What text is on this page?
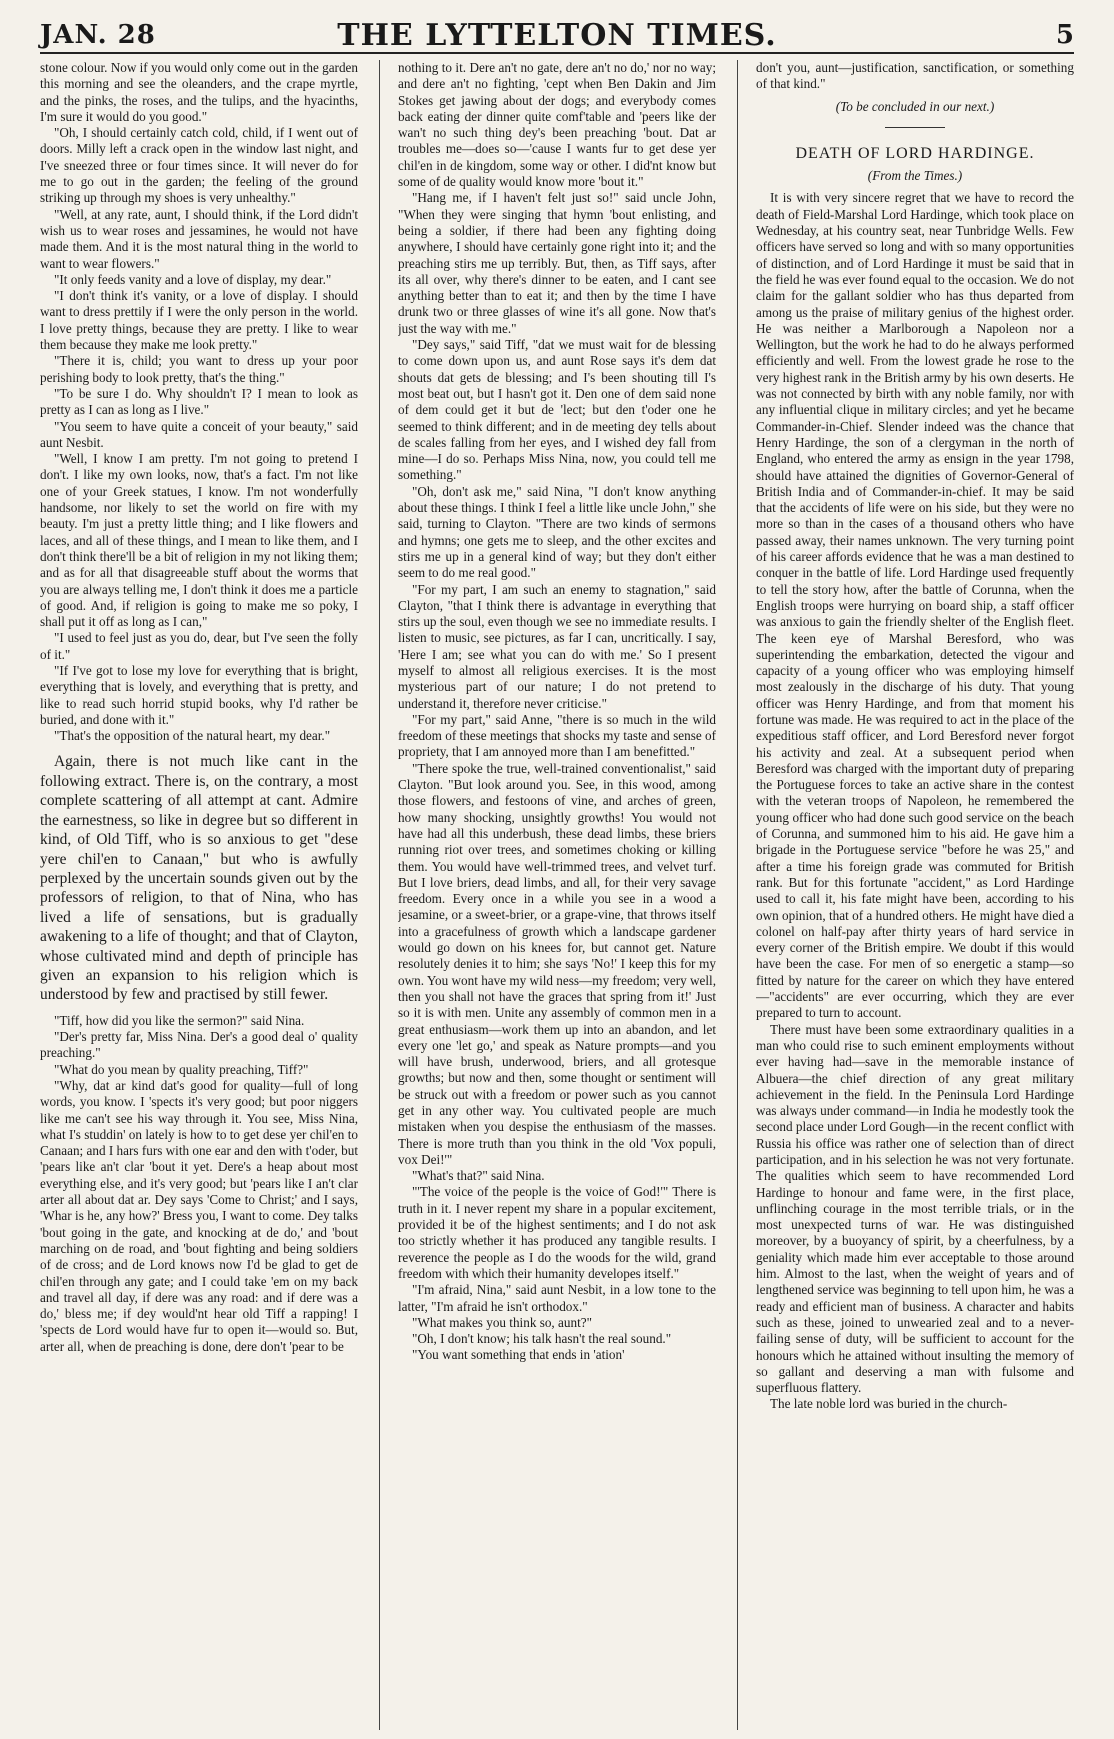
JAN. 28	THE LYTTELTON TIMES.	5

stone colour. Now if you would only come out in the garden this morning and see the oleanders, and the crape myrtle, and the pinks, the roses, and the tulips, and the hyacinths, I'm sure it would do you good."

"Oh, I should certainly catch cold, child, if I went out of doors. Milly left a crack open in the window last night, and I've sneezed three or four times since. It will never do for me to go out in the garden; the feeling of the ground striking up through my shoes is very unhealthy."

"Well, at any rate, aunt, I should think, if the Lord didn't wish us to wear roses and jessamines, he would not have made them. And it is the most natural thing in the world to want to wear flowers."

"It only feeds vanity and a love of display, my dear."

"I don't think it's vanity, or a love of display. I should want to dress prettily if I were the only person in the world. I love pretty things, because they are pretty. I like to wear them because they make me look pretty."

"There it is, child; you want to dress up your poor perishing body to look pretty, that's the thing."

"To be sure I do. Why shouldn't I? I mean to look as pretty as I can as long as I live."

"You seem to have quite a conceit of your beauty," said aunt Nesbit.

"Well, I know I am pretty. I'm not going to pretend I don't. I like my own looks, now, that's a fact. I'm not like one of your Greek statues, I know. I'm not wonderfully handsome, nor likely to set the world on fire with my beauty. I'm just a pretty little thing; and I like flowers and laces, and all of these things, and I mean to like them, and I don't think there'll be a bit of religion in my not liking them; and as for all that disagreeable stuff about the worms that you are always telling me, I don't think it does me a particle of good. And, if religion is going to make me so poky, I shall put it off as long as I can,"

"I used to feel just as you do, dear, but I've seen the folly of it."

"If I've got to lose my love for everything that is bright, everything that is lovely, and everything that is pretty, and like to read such horrid stupid books, why I'd rather be buried, and done with it."

"That's the opposition of the natural heart, my dear."

Again, there is not much like cant in the following extract. There is, on the contrary, a most complete scattering of all attempt at cant. Admire the earnestness, so like in degree but so different in kind, of Old Tiff, who is so anxious to get "dese yere chil'en to Canaan," but who is awfully perplexed by the uncertain sounds given out by the professors of religion, to that of Nina, who has lived a life of sensations, but is gradually awakening to a life of thought; and that of Clayton, whose cultivated mind and depth of principle has given an expansion to his religion which is understood by few and practised by still fewer.

"Tiff, how did you like the sermon?" said Nina.

"Der's pretty far, Miss Nina. Der's a good deal o' quality preaching."

"What do you mean by quality preaching, Tiff?"

"Why, dat ar kind dat's good for quality—full of long words, you know. I 'spects it's very good; but poor niggers like me can't see his way through it. You see, Miss Nina, what I's studdin' on lately is how to to get dese yer chil'en to Canaan; and I hars furs with one ear and den with t'oder, but 'pears like an't clar 'bout it yet. Dere's a heap about most everything else, and it's very good; but 'pears like I an't clar arter all about dat ar. Dey says 'Come to Christ;' and I says, 'Whar is he, any how?' Bress you, I want to come. Dey talks 'bout going in the gate, and knocking at de do,' and 'bout marching on de road, and 'bout fighting and being soldiers of de cross; and de Lord knows now I'd be glad to get de chil'en through any gate; and I could take 'em on my back and travel all day, if dere was any road: and if dere was a do,' bless me; if dey would'nt hear old Tiff a rapping! I 'spects de Lord would have fur to open it—would so. But, arter all, when de preaching is done, dere don't 'pear to be

nothing to it. Dere an't no gate, dere an't no do,' nor no way; and dere an't no fighting, 'cept when Ben Dakin and Jim Stokes get jawing about der dogs; and everybody comes back eating der dinner quite comf'table and 'peers like der wan't no such thing dey's been preaching 'bout. Dat ar troubles me—does so—'cause I wants fur to get dese yer chil'en in de kingdom, some way or other. I did'nt know but some of de quality would know more 'bout it."

"Hang me, if I haven't felt just so!" said uncle John, "When they were singing that hymn 'bout enlisting, and being a soldier, if there had been any fighting doing anywhere, I should have certainly gone right into it; and the preaching stirs me up terribly. But, then, as Tiff says, after its all over, why there's dinner to be eaten, and I cant see anything better than to eat it; and then by the time I have drunk two or three glasses of wine it's all gone. Now that's just the way with me."

"Dey says," said Tiff, "dat we must wait for de blessing to come down upon us, and aunt Rose says it's dem dat shouts dat gets de blessing; and I's been shouting till I's most beat out, but I hasn't got it. Den one of dem said none of dem could get it but de 'lect; but den t'oder one he seemed to think different; and in de meeting dey tells about de scales falling from her eyes, and I wished dey fall from mine—I do so. Perhaps Miss Nina, now, you could tell me something."

"Oh, don't ask me," said Nina, "I don't know anything about these things. I think I feel a little like uncle John," she said, turning to Clayton. "There are two kinds of sermons and hymns; one gets me to sleep, and the other excites and stirs me up in a general kind of way; but they don't either seem to do me real good."

"For my part, I am such an enemy to stagnation," said Clayton, "that I think there is advantage in everything that stirs up the soul, even though we see no immediate results. I listen to music, see pictures, as far I can, uncritically. I say, 'Here I am; see what you can do with me.' So I present myself to almost all religious exercises. It is the most mysterious part of our nature; I do not pretend to understand it, therefore never criticise."

"For my part," said Anne, "there is so much in the wild freedom of these meetings that shocks my taste and sense of propriety, that I am annoyed more than I am benefitted."

"There spoke the true, well-trained conventionalist," said Clayton. "But look around you. See, in this wood, among those flowers, and festoons of vine, and arches of green, how many shocking, unsightly growths! You would not have had all this underbush, these dead limbs, these briers running riot over trees, and sometimes choking or killing them. You would have well-trimmed trees, and velvet turf. But I love briers, dead limbs, and all, for their very savage freedom. Every once in a while you see in a wood a jesamine, or a sweet-brier, or a grape-vine, that throws itself into a gracefulness of growth which a landscape gardener would go down on his knees for, but cannot get. Nature resolutely denies it to him; she says 'No!' I keep this for my own. You wont have my wild ness—my freedom; very well, then you shall not have the graces that spring from it!' Just so it is with men. Unite any assembly of common men in a great enthusiasm—work them up into an abandon, and let every one 'let go,' and speak as Nature prompts—and you will have brush, underwood, briers, and all grotesque growths; but now and then, some thought or sentiment will be struck out with a freedom or power such as you cannot get in any other way. You cultivated people are much mistaken when you despise the enthusiasm of the masses. There is more truth than you think in the old 'Vox populi, vox Dei!'"

"What's that?" said Nina.

"'The voice of the people is the voice of God!'" There is truth in it. I never repent my share in a popular excitement, provided it be of the highest sentiments; and I do not ask too strictly whether it has produced any tangible results. I reverence the people as I do the woods for the wild, grand freedom with which their humanity developes itself."

"I'm afraid, Nina," said aunt Nesbit, in a low tone to the latter, "I'm afraid he isn't orthodox."

"What makes you think so, aunt?"

"Oh, I don't know; his talk hasn't the real sound."

"You want something that ends in 'ation'

don't you, aunt—justification, sanctification, or something of that kind."

(To be concluded in our next.)

DEATH OF LORD HARDINGE.

(From the Times.)

It is with very sincere regret that we have to record the death of Field-Marshal Lord Hardinge, which took place on Wednesday, at his country seat, near Tunbridge Wells. Few officers have served so long and with so many opportunities of distinction, and of Lord Hardinge it must be said that in the field he was ever found equal to the occasion. We do not claim for the gallant soldier who has thus departed from among us the praise of military genius of the highest order. He was neither a Marlborough a Napoleon nor a Wellington, but the work he had to do he always performed efficiently and well. From the lowest grade he rose to the very highest rank in the British army by his own deserts. He was not connected by birth with any noble family, nor with any influential clique in military circles; and yet he became Commander-in-Chief. Slender indeed was the chance that Henry Hardinge, the son of a clergyman in the north of England, who entered the army as ensign in the year 1798, should have attained the dignities of Governor-General of British India and of Commander-in-chief. It may be said that the accidents of life were on his side, but they were no more so than in the cases of a thousand others who have passed away, their names unknown. The very turning point of his career affords evidence that he was a man destined to conquer in the battle of life. Lord Hardinge used frequently to tell the story how, after the battle of Corunna, when the English troops were hurrying on board ship, a staff officer was anxious to gain the friendly shelter of the English fleet. The keen eye of Marshal Beresford, who was superintending the embarkation, detected the vigour and capacity of a young officer who was employing himself most zealously in the discharge of his duty. That young officer was Henry Hardinge, and from that moment his fortune was made. He was required to act in the place of the expeditious staff officer, and Lord Beresford never forgot his activity and zeal. At a subsequent period when Beresford was charged with the important duty of preparing the Portuguese forces to take an active share in the contest with the veteran troops of Napoleon, he remembered the young officer who had done such good service on the beach of Corunna, and summoned him to his aid. He gave him a brigade in the Portuguese service "before he was 25," and after a time his foreign grade was commuted for British rank. But for this fortunate "accident," as Lord Hardinge used to call it, his fate might have been, according to his own opinion, that of a hundred others. He might have died a colonel on half-pay after thirty years of hard service in every corner of the British empire. We doubt if this would have been the case. For men of so energetic a stamp—so fitted by nature for the career on which they have entered—"accidents" are ever occurring, which they are ever prepared to turn to account.

There must have been some extraordinary qualities in a man who could rise to such eminent employments without ever having had—save in the memorable instance of Albuera—the chief direction of any great military achievement in the field. In the Peninsula Lord Hardinge was always under command—in India he modestly took the second place under Lord Gough—in the recent conflict with Russia his office was rather one of selection than of direct participation, and in his selection he was not very fortunate. The qualities which seem to have recommended Lord Hardinge to honour and fame were, in the first place, unflinching courage in the most terrible trials, or in the most unexpected turns of war. He was distinguished moreover, by a buoyancy of spirit, by a cheerfulness, by a geniality which made him ever acceptable to those around him. Almost to the last, when the weight of years and of lengthened service was beginning to tell upon him, he was a ready and efficient man of business. A character and habits such as these, joined to unwearied zeal and to a never-failing sense of duty, will be sufficient to account for the honours which he attained without insulting the memory of so gallant and deserving a man with fulsome and superfluous flattery.

The late noble lord was buried in the church-
